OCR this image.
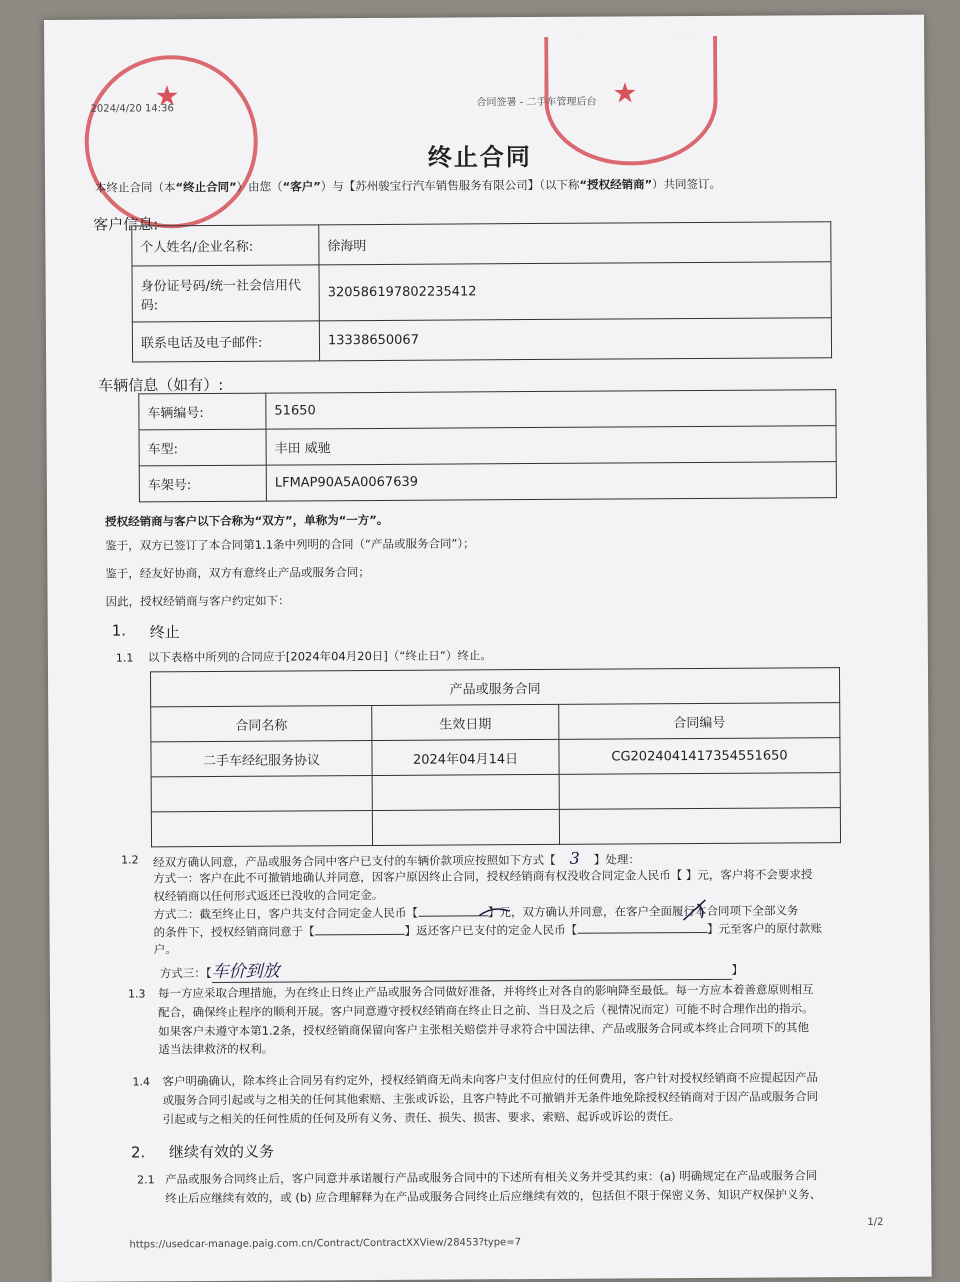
★	★
2024/4/20 14:36
合同签署 - 二手车管理后台
终止合同
本终止合同（本“终止合同”）由您（“客户”）与【苏州骏宝行汽车销售服务有限公司】（以下称“授权经销商”）共同签订。
客户信息:
个人姓名/企业名称:	徐海明
身份证号码/统一社会信用代码:	320586197802235412
联系电话及电子邮件:	13338650067
车辆信息（如有）:
车辆编号:	51650
车型:	丰田 威驰
车架号:	LFMAP90A5A0067639
授权经销商与客户以下合称为“双方”，单称为“一方”。
鉴于，双方已签订了本合同第1.1条中列明的合同（“产品或服务合同”）；
鉴于，经友好协商，双方有意终止产品或服务合同；
因此，授权经销商与客户约定如下：
1. 终止
1.1 以下表格中所列的合同应于[2024年04月20日]（“终止日”）终止。
产品或服务合同		
合同名称	生效日期	合同编号
二手车经纪服务协议	2024年04月14日	CG20240414173545516​50

1.2 经双方确认同意，产品或服务合同中客户已支付的车辆价款项应按照如下方式【 3 】处理：
方式一：客户在此不可撤销地确认并同意，因客户原因终止合同，授权经销商有权没收合同定金人民币【 】元，客户将不会要求授
权经销商以任何形式返还已没收的合同定金。
方式二：截至终止日，客户共支付合同定金人民币【	】元，双方确认并同意，在客户全面履行本合同项下全部义务
的条件下，授权经销商同意于【	】返还客户已支付的定金人民币【	】元至客户的原付款账
户。
方式三：【车价到放	】
1.3 每一方应采取合理措施，为在终止日终止产品或服务合同做好准备，并将终止对各自的影响降至最低。每一方应本着善意原则相互
配合，确保终止程序的顺利开展。客户同意遵守授权经销商在终止日之前、当日及之后（视情况而定）可能不时合理作出的指示。
如果客户未遵守本第1.2条，授权经销商保留向客户主张相关赔偿并寻求符合中国法律、产品或服务合同或本终止合同项下的其他
适当法律救济的权利。
1.4 客户明确确认，除本终止合同另有约定外，授权经销商无尚未向客户支付但应付的任何费用，客户针对授权经销商不应提起因产品
或服务合同引起或与之相关的任何其他索赔、主张或诉讼，且客户特此不可撤销并无条件地免除授权经销商对于因产品或服务合同
引起或与之相关的任何性质的任何及所有义务、责任、损失、损害、要求、索赔、起诉或诉讼的责任。
2. 继续有效的义务
2.1 产品或服务合同终止后，客户同意并承诺履行产品或服务合同中的下述所有相关义务并受其约束：(a) 明确规定在产品或服务合同
终止后应继续有效的，或 (b) 应合理解释为在产品或服务合同终止后应继续有效的，包括但不限于保密义务、知识产权保护义务、
https://usedcar-manage.paig.com.cn/Contract/ContractXXView/28453?type=7
1/2
